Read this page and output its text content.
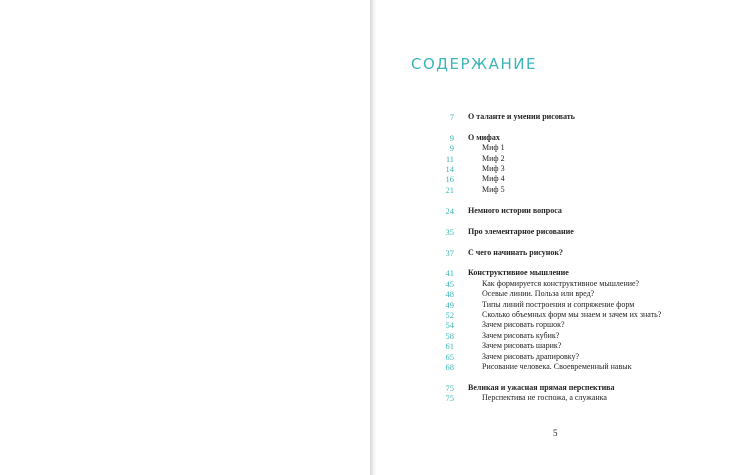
СОДЕРЖАНИЕ
7 О таланте и умении рисовать
9 О мифах
9	Миф 1
11	Миф 2
14	Миф 3
16	Миф 4
21	Миф 5
24 Немного истории вопроса
35 Про элементарное рисование
37 С чего начинать рисунок?
41 Конструктивное мышление
45	Как формируется конструктивное мышление?
48	Осевые линии. Польза или вред?
49	Типы линий построения и сопряжение форм
52	Сколько объемных форм мы знаем и зачем их знать?
54	Зачем рисовать горшок?
58	Зачем рисовать кубик?
61	Зачем рисовать шарик?
65	Зачем рисовать драпировку?
68	Рисование человека. Своевременный навык
75 Великая и ужасная прямая перспектива
75	Перспектива не госпожа, а служанка
5
